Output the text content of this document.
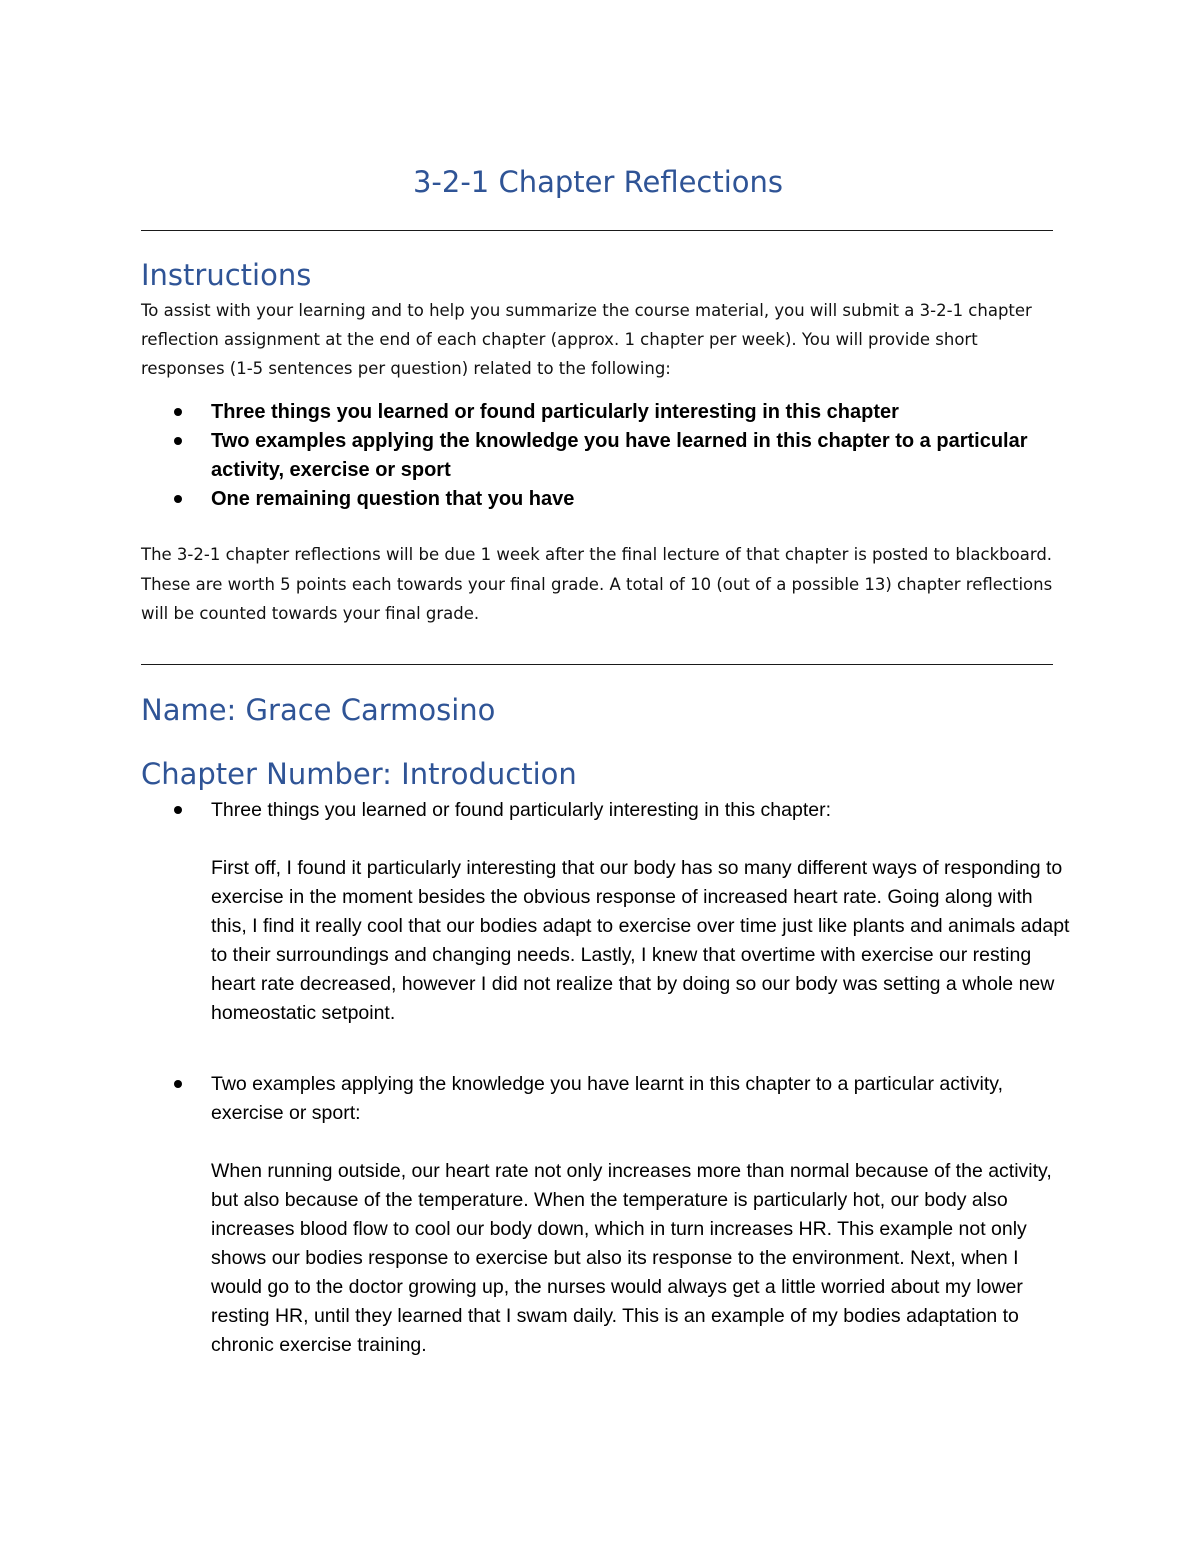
3-2-1 Chapter Reflections
Instructions

To assist with your learning and to help you summarize the course material, you will submit a 3-2-1 chapter reflection assignment at the end of each chapter (approx. 1 chapter per week). You will provide short responses (1-5 sentences per question) related to the following:

Three things you learned or found particularly interesting in this chapter
Two examples applying the knowledge you have learned in this chapter to a particular activity, exercise or sport
One remaining question that you have

The 3-2-1 chapter reflections will be due 1 week after the final lecture of that chapter is posted to blackboard. These are worth 5 points each towards your final grade. A total of 10 (out of a possible 13) chapter reflections will be counted towards your final grade.

Name: Grace Carmosino
Chapter Number: Introduction

Three things you learned or found particularly interesting in this chapter:

First off, I found it particularly interesting that our body has so many different ways of responding to exercise in the moment besides the obvious response of increased heart rate. Going along with this, I find it really cool that our bodies adapt to exercise over time just like plants and animals adapt to their surroundings and changing needs. Lastly, I knew that overtime with exercise our resting heart rate decreased, however I did not realize that by doing so our body was setting a whole new homeostatic setpoint.

Two examples applying the knowledge you have learnt in this chapter to a particular activity, exercise or sport:

When running outside, our heart rate not only increases more than normal because of the activity, but also because of the temperature. When the temperature is particularly hot, our body also increases blood flow to cool our body down, which in turn increases HR. This example not only shows our bodies response to exercise but also its response to the environment. Next, when I would go to the doctor growing up, the nurses would always get a little worried about my lower resting HR, until they learned that I swam daily. This is an example of my bodies adaptation to chronic exercise training.
